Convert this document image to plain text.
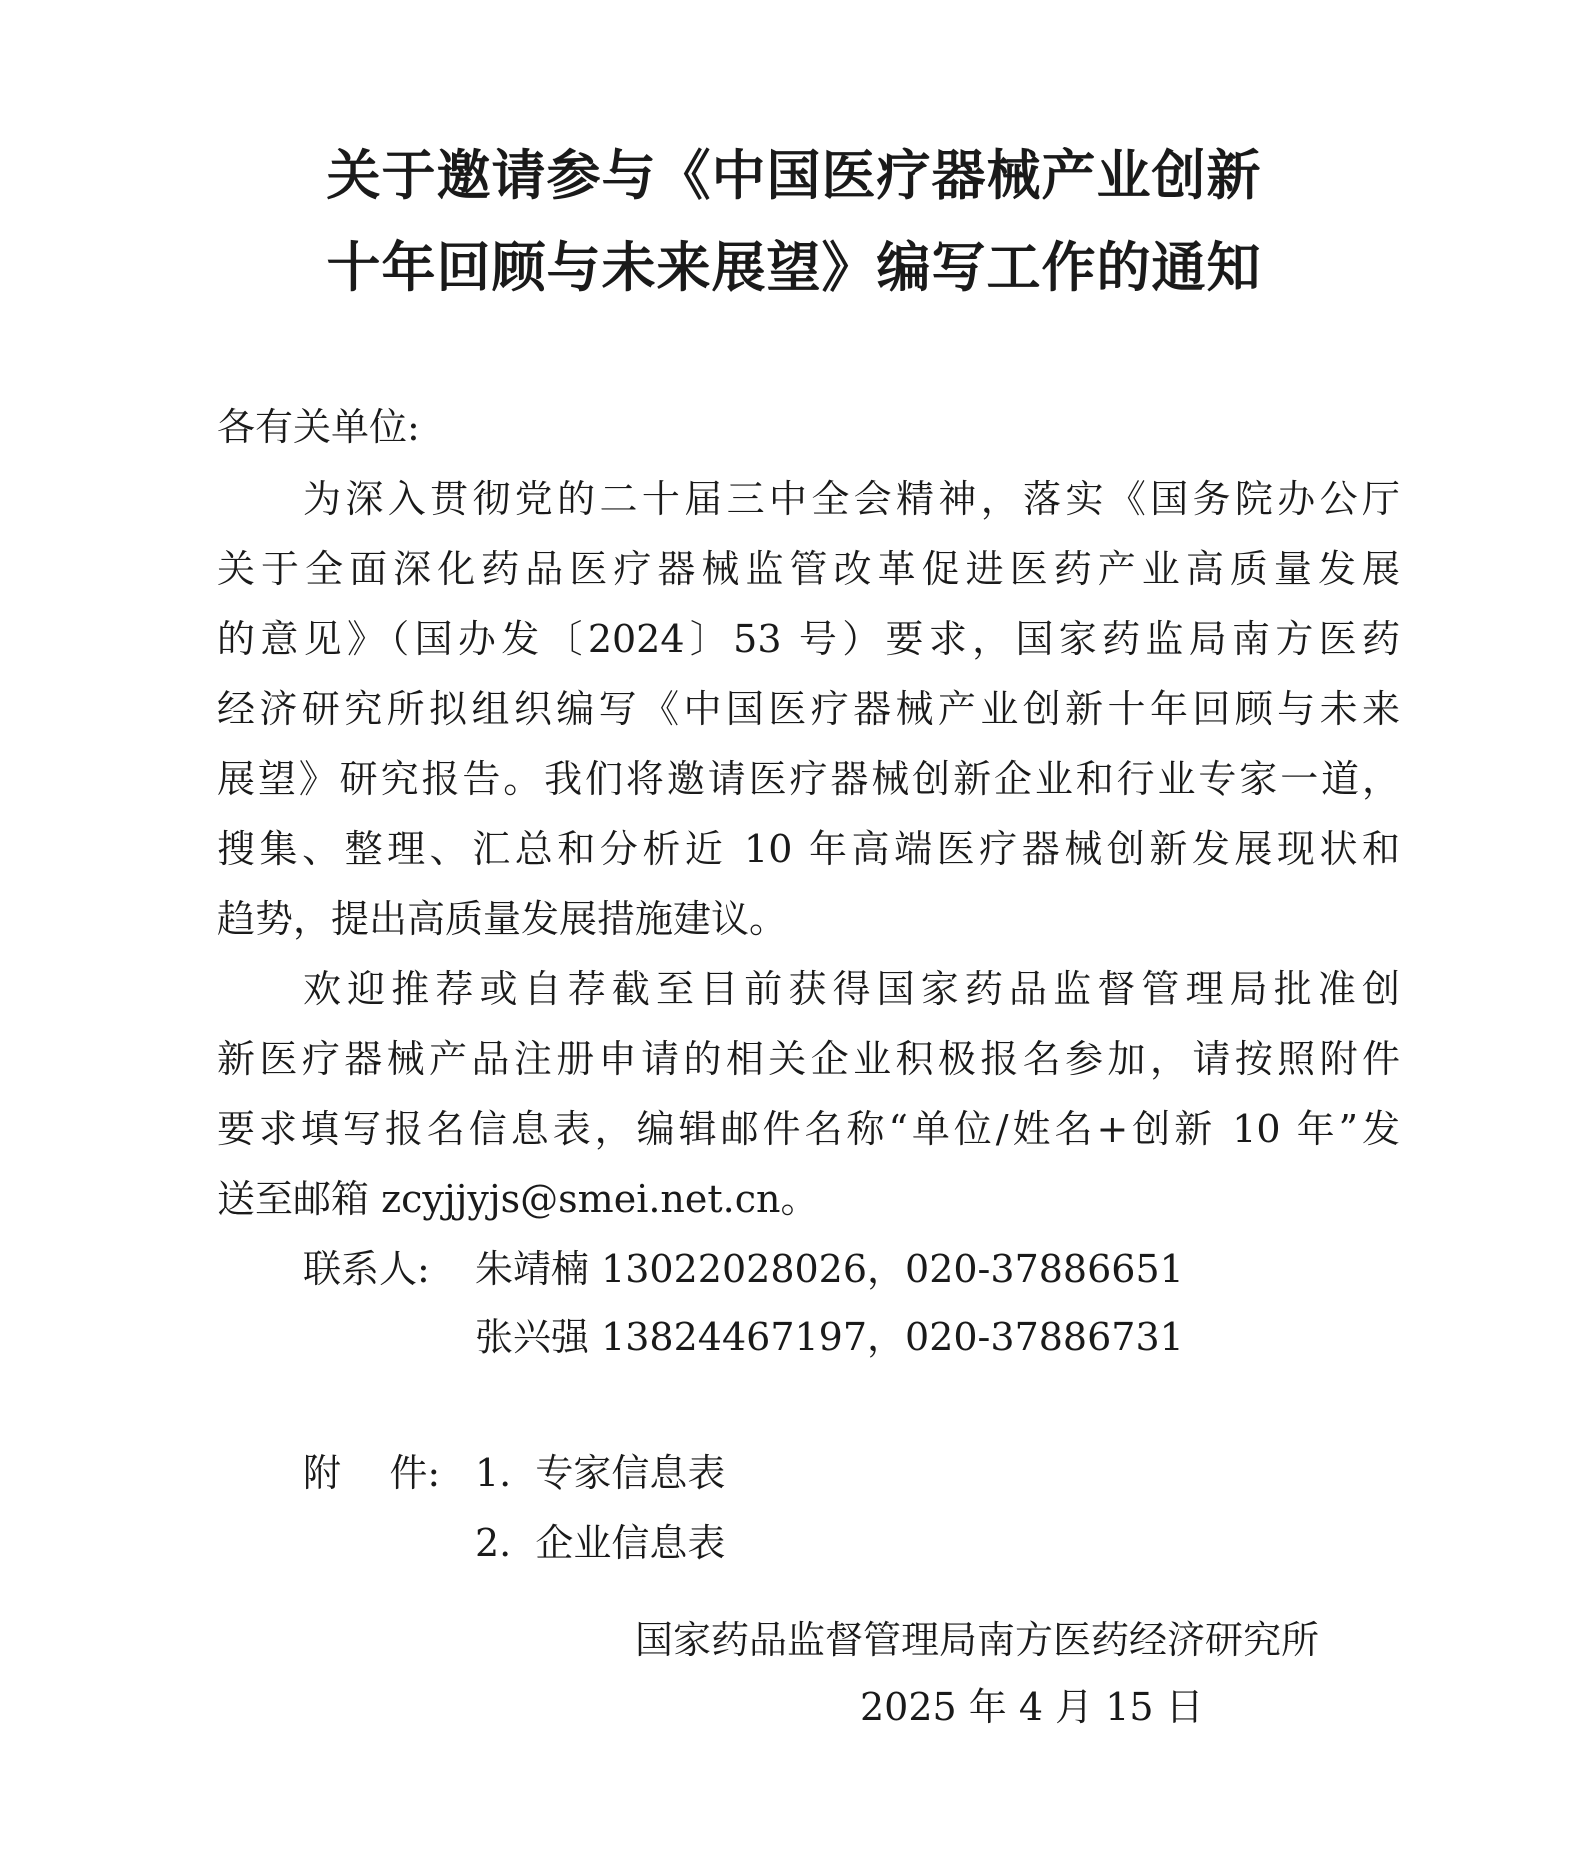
关于邀请参与《中国医疗器械产业创新
十年回顾与未来展望》编写工作的通知
各有关单位:
为深入贯彻党的二十届三中全会精神，落实《国务院办公厅
关于全面深化药品医疗器械监管改革促进医药产业高质量发展
的意见》（国办发〔2024〕53 号）要求，国家药监局南方医药
经济研究所拟组织编写《中国医疗器械产业创新十年回顾与未来
展望》研究报告。我们将邀请医疗器械创新企业和行业专家一道，
搜集、整理、汇总和分析近 10 年高端医疗器械创新发展现状和
趋势，提出高质量发展措施建议。
欢迎推荐或自荐截至目前获得国家药品监督管理局批准创
新医疗器械产品注册申请的相关企业积极报名参加，请按照附件
要求填写报名信息表，编辑邮件名称“单位/姓名+创新 10 年”发
送至邮箱 zcyjjyjs@smei.net.cn。
联系人: 朱靖楠 13022028026，020-37886651
张兴强 13824467197，020-37886731
附    件: 1.  专家信息表
2.  企业信息表
国家药品监督管理局南方医药经济研究所
2025 年 4 月 15 日
